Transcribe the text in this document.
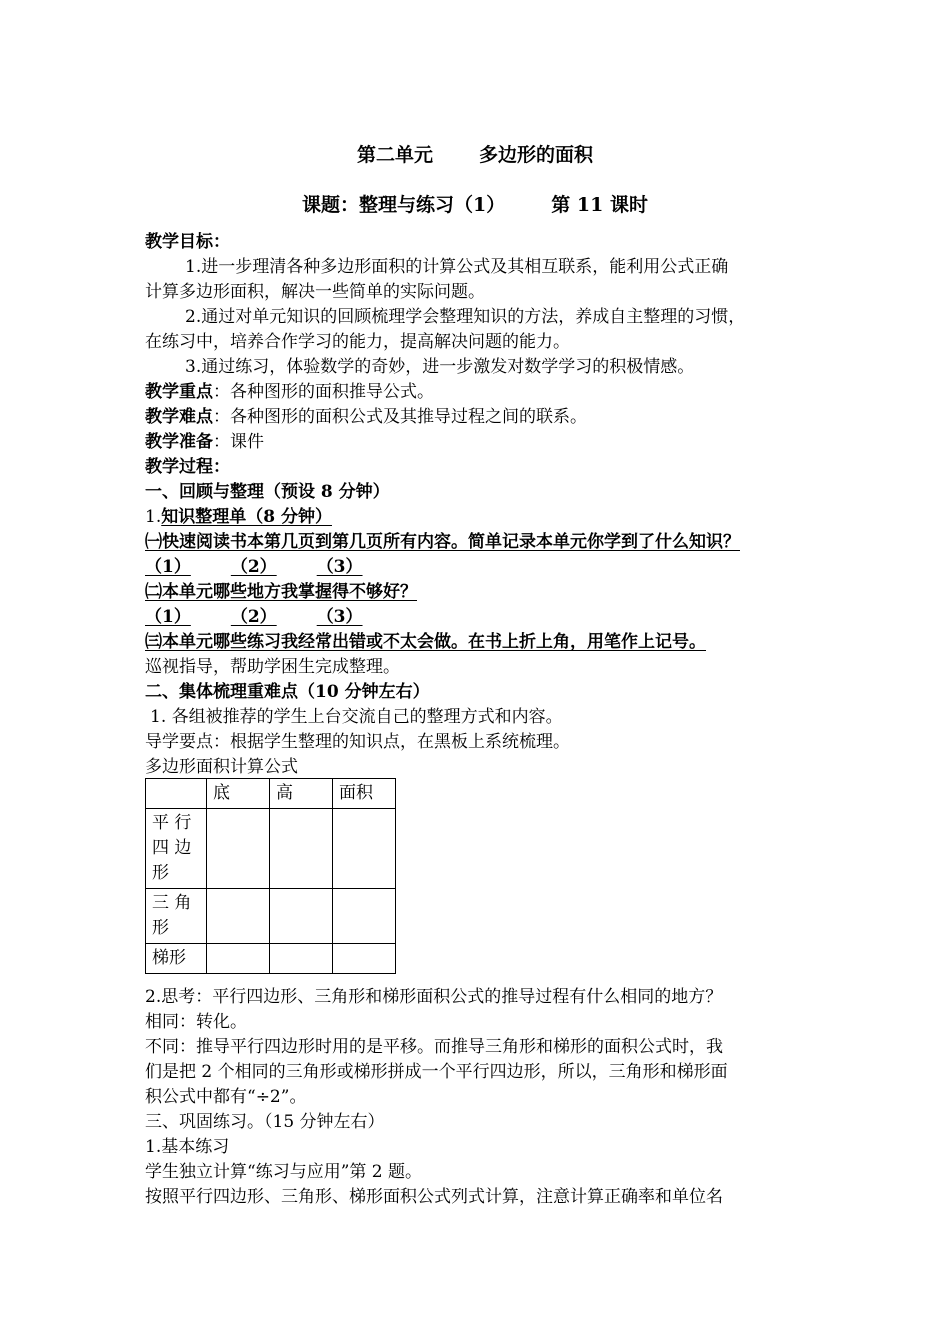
第二单元 多边形的面积
课题：整理与练习（1） 第 11 课时
教学目标：
1.进一步理清各种多边形面积的计算公式及其相互联系，能利用公式正确
计算多边形面积，解决一些简单的实际问题。
2.通过对单元知识的回顾梳理学会整理知识的方法，养成自主整理的习惯，
在练习中，培养合作学习的能力，提高解决问题的能力。
3.通过练习，体验数学的奇妙，进一步激发对数学学习的积极情感。
教学重点：各种图形的面积推导公式。
教学难点：各种图形的面积公式及其推导过程之间的联系。
教学准备：课件
教学过程：
一、回顾与整理（预设 8 分钟）
1.知识整理单（8 分钟）
㈠快速阅读书本第几页到第几页所有内容。简单记录本单元你学到了什么知识？
（1） （2） （3）
㈡本单元哪些地方我掌握得不够好？
（1） （2） （3）
㈢本单元哪些练习我经常出错或不太会做。在书上折上角，用笔作上记号。
巡视指导，帮助学困生完成整理。
二、集体梳理重难点（10 分钟左右）
1. 各组被推荐的学生上台交流自己的整理方式和内容。
导学要点：根据学生整理的知识点，在黑板上系统梳理。
多边形面积计算公式
	底	高	面积
平 行 四 边 形			
三 角 形			
梯形			
2.思考：平行四边形、三角形和梯形面积公式的推导过程有什么相同的地方？
相同：转化。
不同：推导平行四边形时用的是平移。而推导三角形和梯形的面积公式时，我
们是把 2 个相同的三角形或梯形拼成一个平行四边形，所以，三角形和梯形面
积公式中都有“÷2”。
三、巩固练习。（15 分钟左右）
1.基本练习
学生独立计算“练习与应用”第 2 题。
按照平行四边形、三角形、梯形面积公式列式计算，注意计算正确率和单位名
